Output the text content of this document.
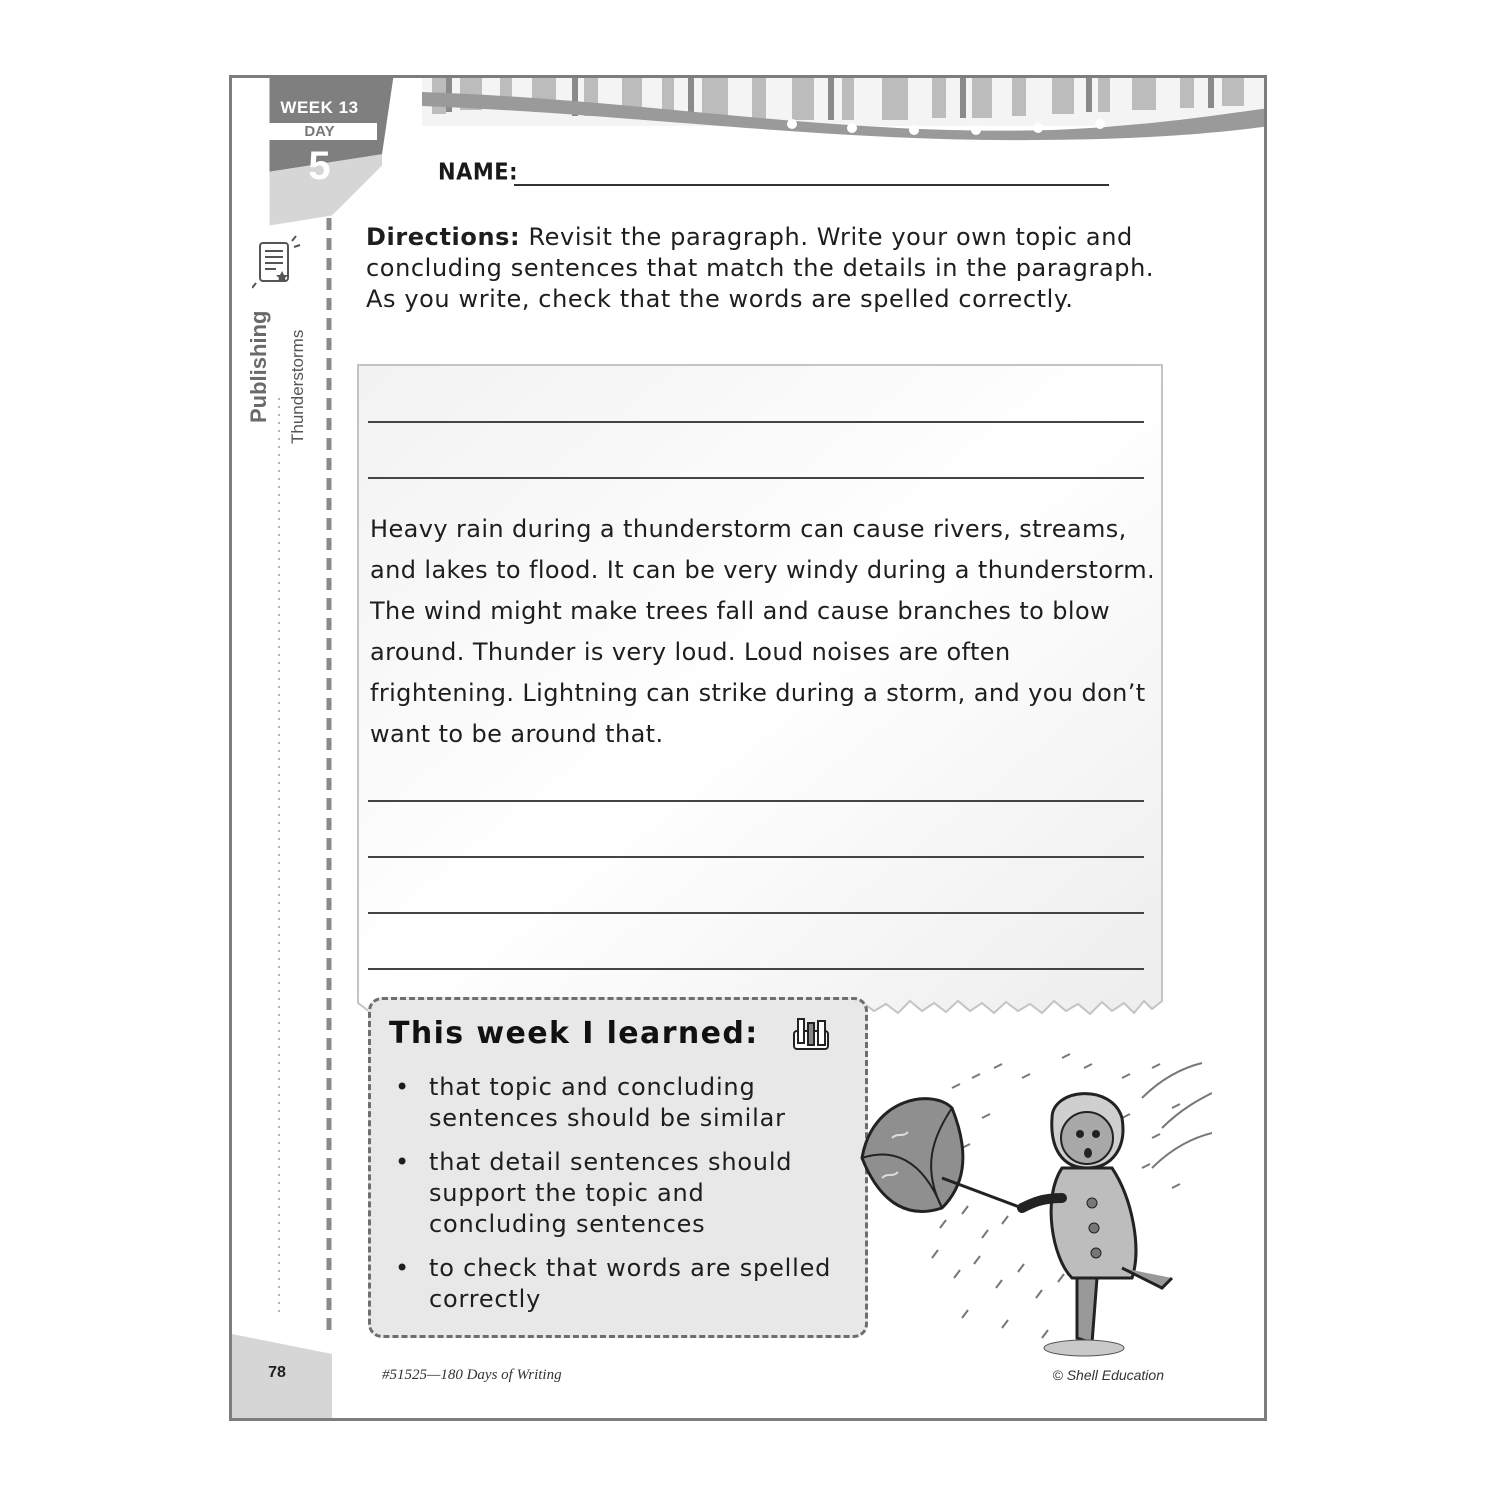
WEEK 13
DAY
5
Publishing Thunderstorms
NAME:
Directions: Revisit the paragraph. Write your own topic and concluding sentences that match the details in the paragraph. As you write, check that the words are spelled correctly.
Heavy rain during a thunderstorm can cause rivers, streams, and lakes to flood. It can be very windy during a thunderstorm. The wind might make trees fall and cause branches to blow around. Thunder is very loud. Loud noises are often frightening. Lightning can strike during a storm, and you don’t want to be around that.
This week I learned:
• that topic and concluding sentences should be similar
• that detail sentences should support the topic and concluding sentences
• to check that words are spelled correctly
78	#51525—180 Days of Writing	© Shell Education
